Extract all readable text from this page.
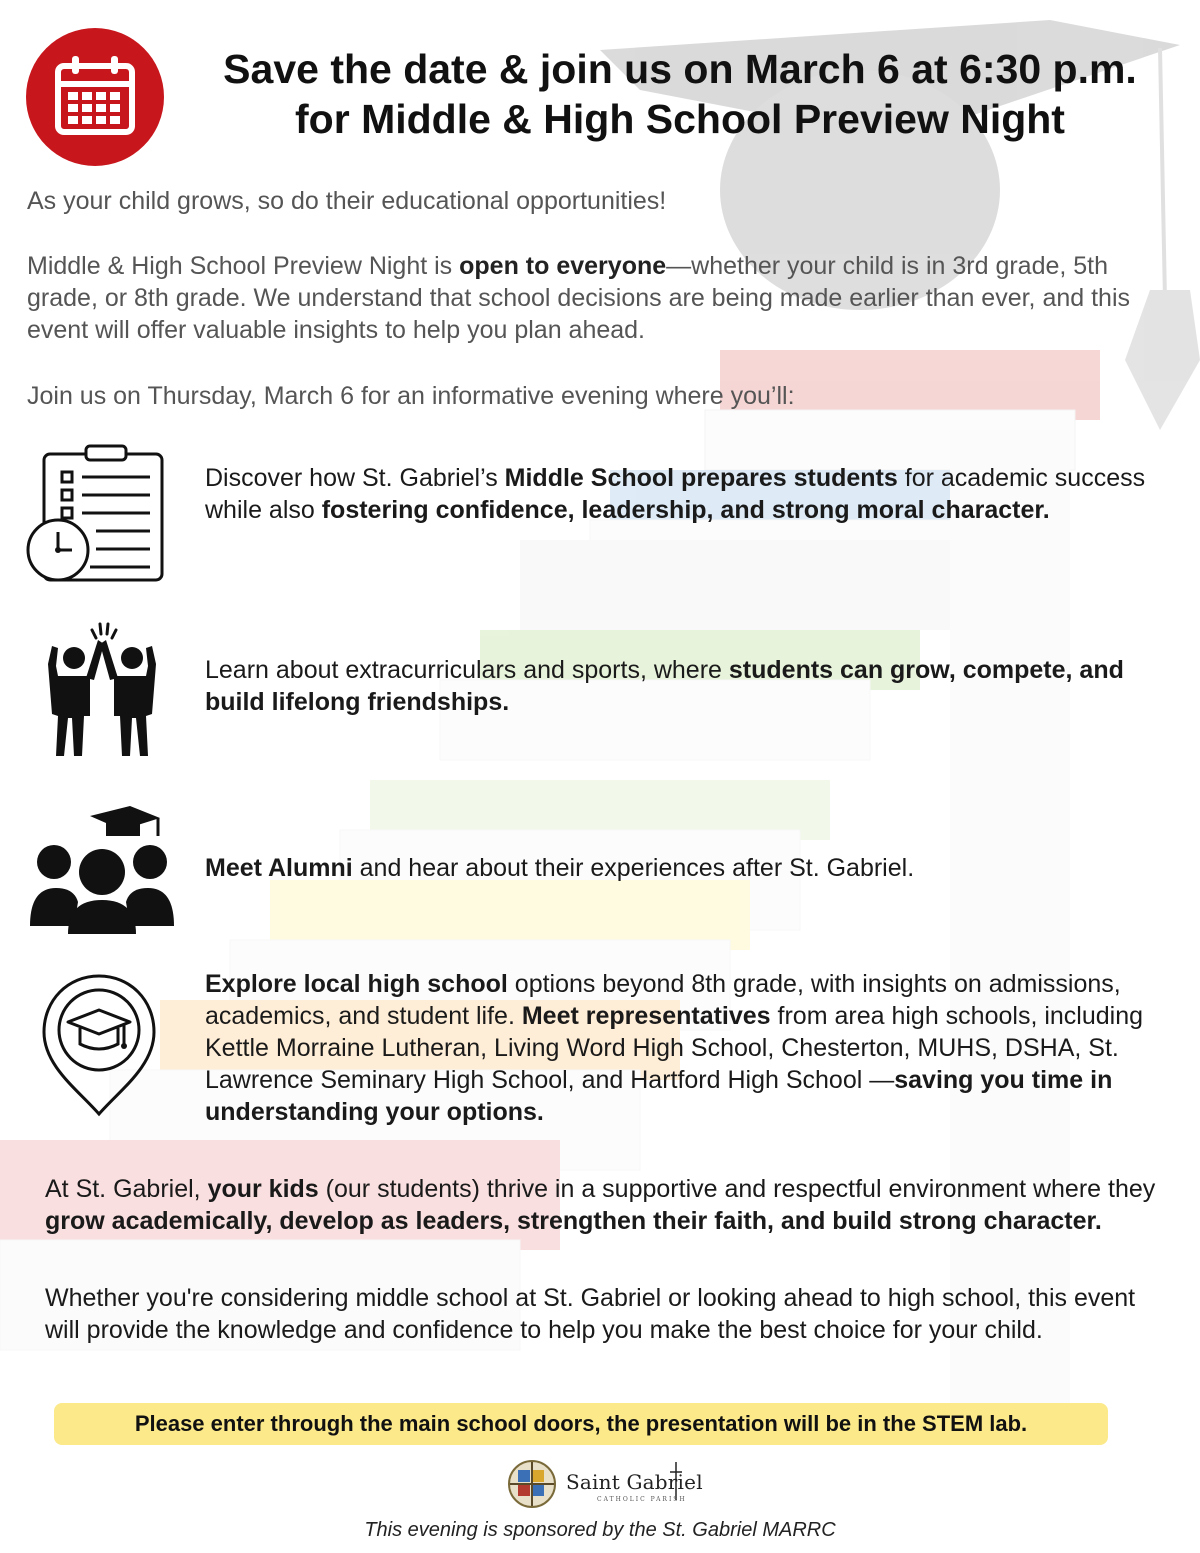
Save the date & join us on March 6 at 6:30 p.m.
for Middle & High School Preview Night

As your child grows, so do their educational opportunities!

Middle & High School Preview Night is open to everyone—whether your child is in 3rd grade, 5th grade, or 8th grade. We understand that school decisions are being made earlier than ever, and this event will offer valuable insights to help you plan ahead.

Join us on Thursday, March 6 for an informative evening where you’ll:

Discover how St. Gabriel’s Middle School prepares students for academic success while also fostering confidence, leadership, and strong moral character.

Learn about extracurriculars and sports, where students can grow, compete, and build lifelong friendships.

Meet Alumni and hear about their experiences after St. Gabriel.

Explore local high school options beyond 8th grade, with insights on admissions, academics, and student life. Meet representatives from area high schools, including Kettle Morraine Lutheran, Living Word High School, Chesterton, MUHS, DSHA, St. Lawrence Seminary High School, and Hartford High School —saving you time in understanding your options.

At St. Gabriel, your kids (our students) thrive in a supportive and respectful environment where they grow academically, develop as leaders, strengthen their faith, and build strong character.

Whether you're considering middle school at St. Gabriel or looking ahead to high school, this event will provide the knowledge and confidence to help you make the best choice for your child.

Please enter through the main school doors, the presentation will be in the STEM lab.
Saint Gabriel
CATHOLIC PARISH

This evening is sponsored by the St. Gabriel MARRC
